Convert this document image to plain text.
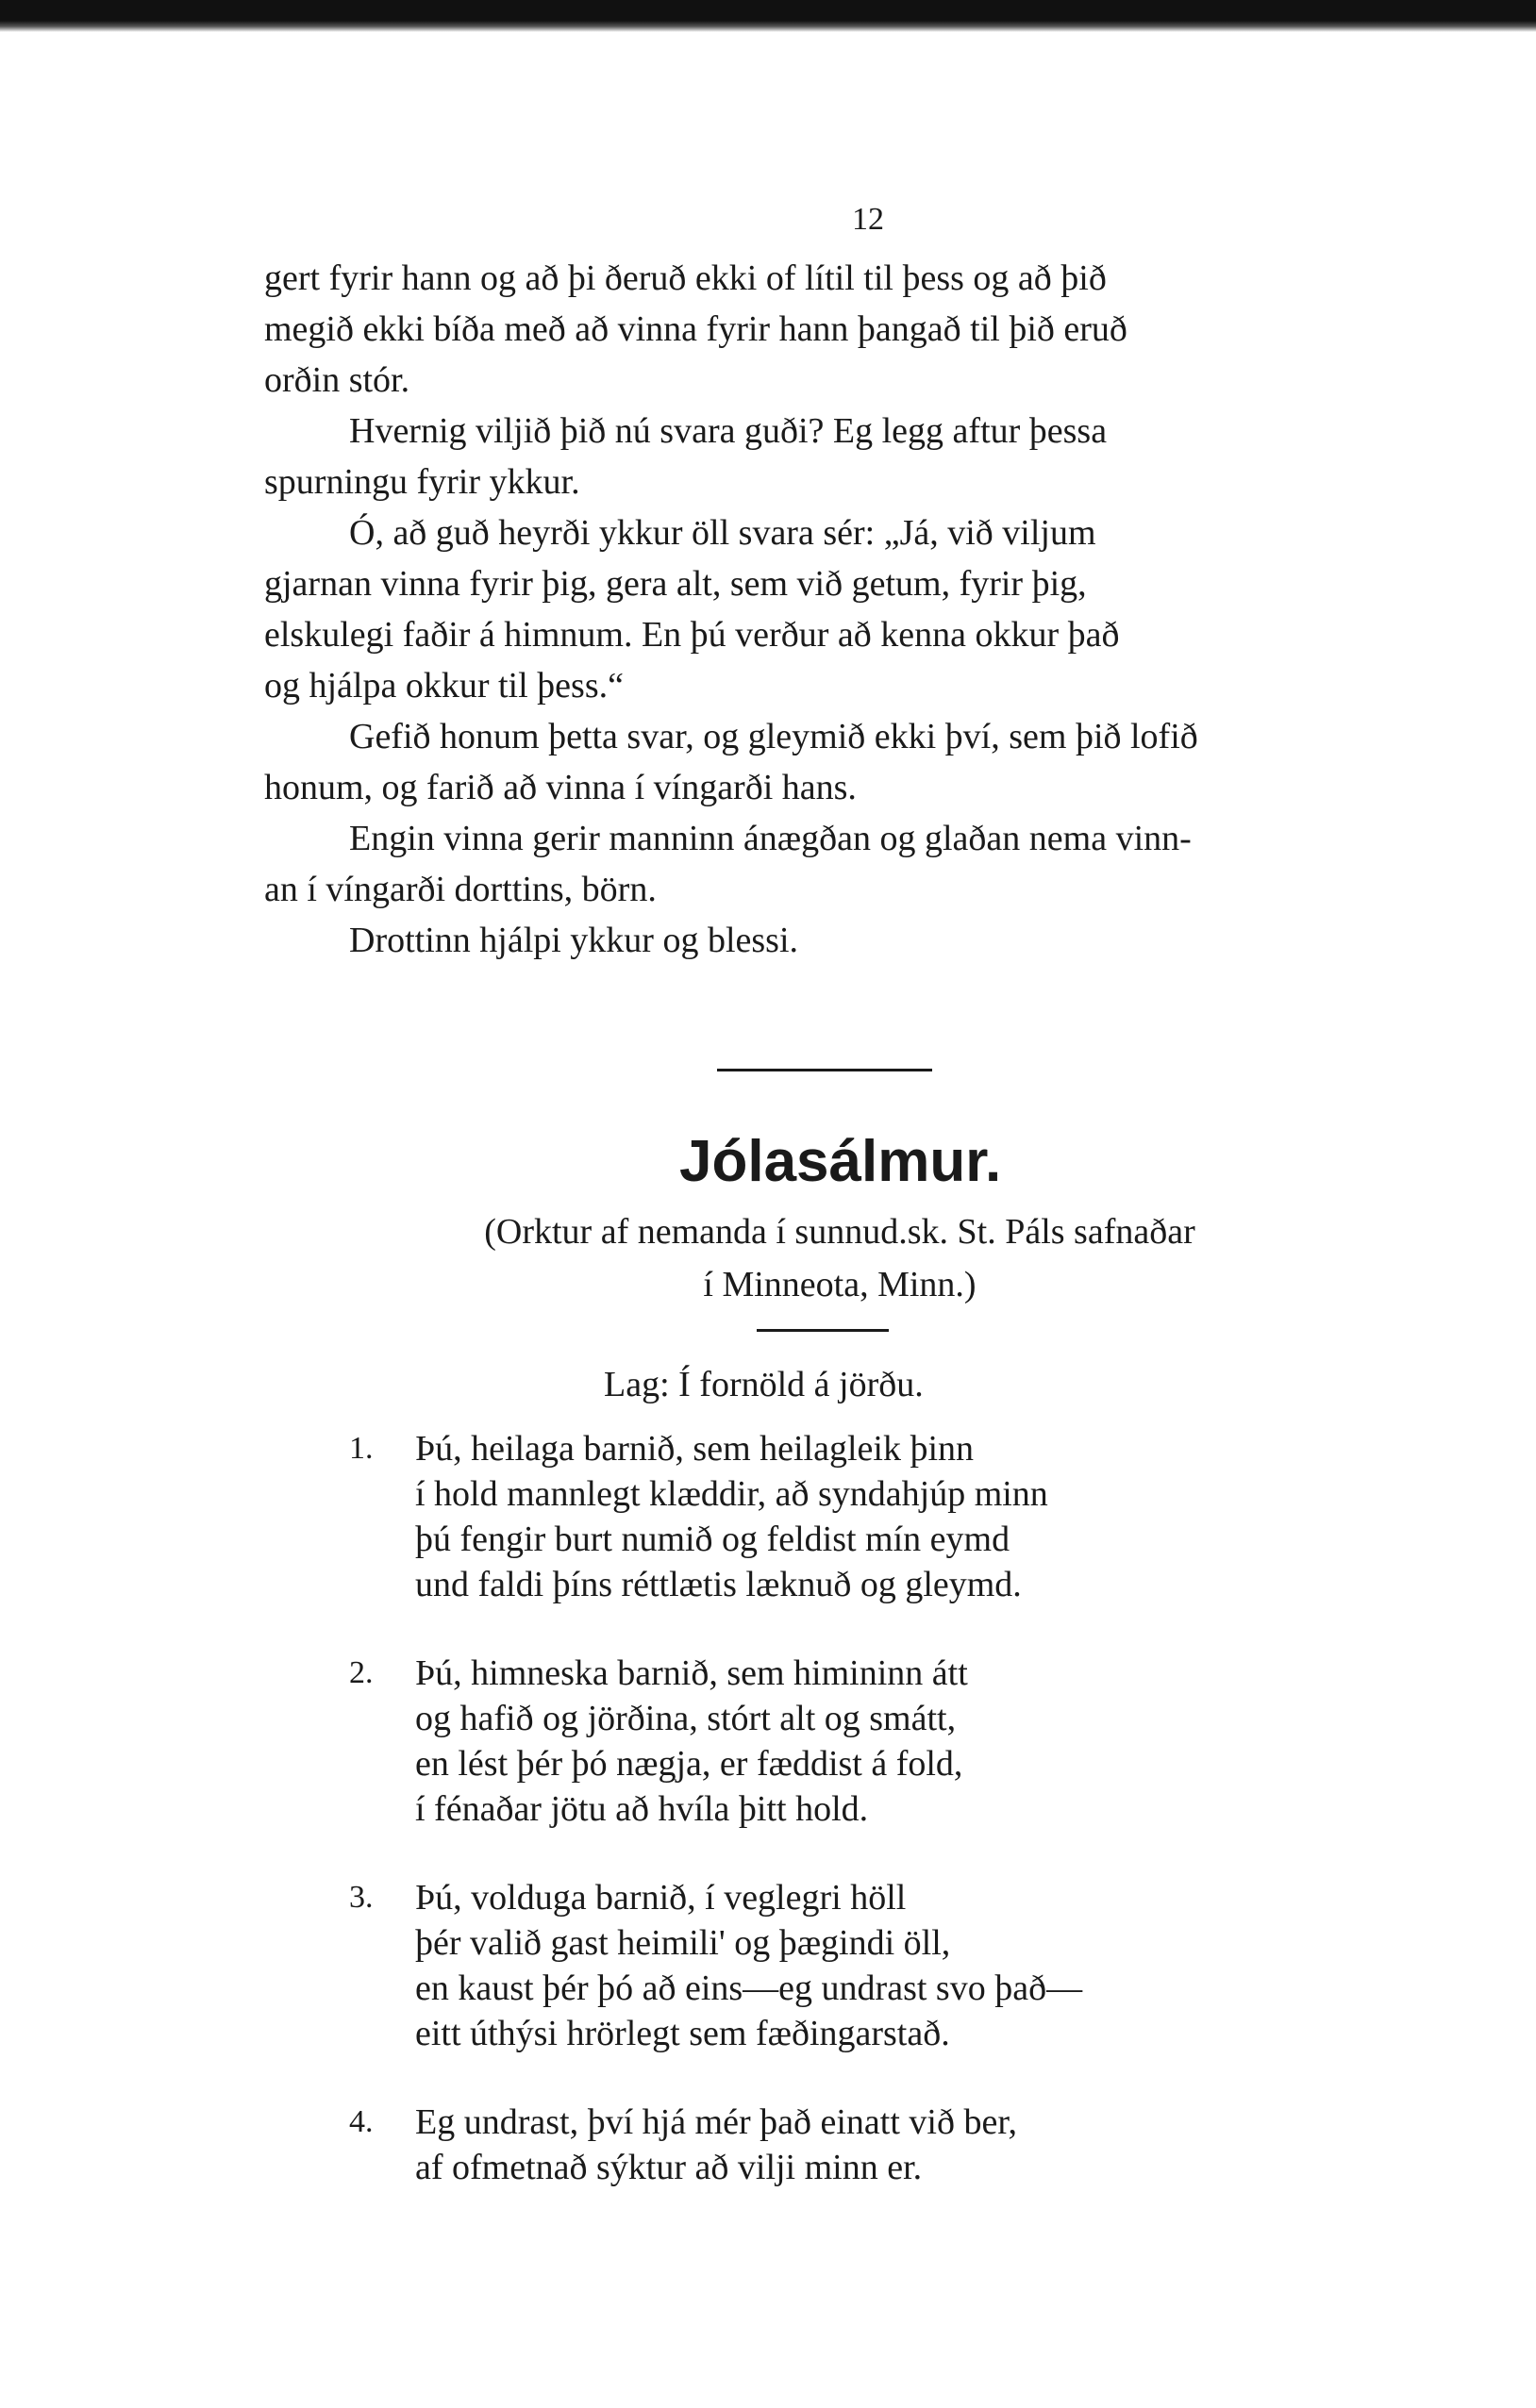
12
gert fyrir hann og að þi ðeruð ekki of lítil til þess og að þið
megið ekki bíða með að vinna fyrir hann þangað til þið eruð
orðin stór.
Hvernig viljið þið nú svara guði? Eg legg aftur þessa
spurningu fyrir ykkur.
Ó, að guð heyrði ykkur öll svara sér: „Já, við viljum
gjarnan vinna fyrir þig, gera alt, sem við getum, fyrir þig,
elskulegi faðir á himnum. En þú verður að kenna okkur það
og hjálpa okkur til þess.“
Gefið honum þetta svar, og gleymið ekki því, sem þið lofið
honum, og farið að vinna í víngarði hans.
Engin vinna gerir manninn ánægðan og glaðan nema vinn-
an í víngarði dorttins, börn.
Drottinn hjálpi ykkur og blessi.
Jólasálmur.
(Orktur af nemanda í sunnud.sk. St. Páls safnaðar
í Minneota, Minn.)
Lag: Í fornöld á jörðu.
1.	Þú, heilaga barnið, sem heilagleik þinn
í hold mannlegt klæddir, að syndahjúp minn
þú fengir burt numið og feldist mín eymd
und faldi þíns réttlætis læknuð og gleymd.
2.	Þú, himneska barnið, sem himininn átt
og hafið og jörðina, stórt alt og smátt,
en lést þér þó nægja, er fæddist á fold,
í fénaðar jötu að hvíla þitt hold.
3.	Þú, volduga barnið, í veglegri höll
þér valið gast heimili' og þægindi öll,
en kaust þér þó að eins—eg undrast svo það—
eitt úthýsi hrörlegt sem fæðingarstað.
4.	Eg undrast, því hjá mér það einatt við ber,
af ofmetnað sýktur að vilji minn er.
